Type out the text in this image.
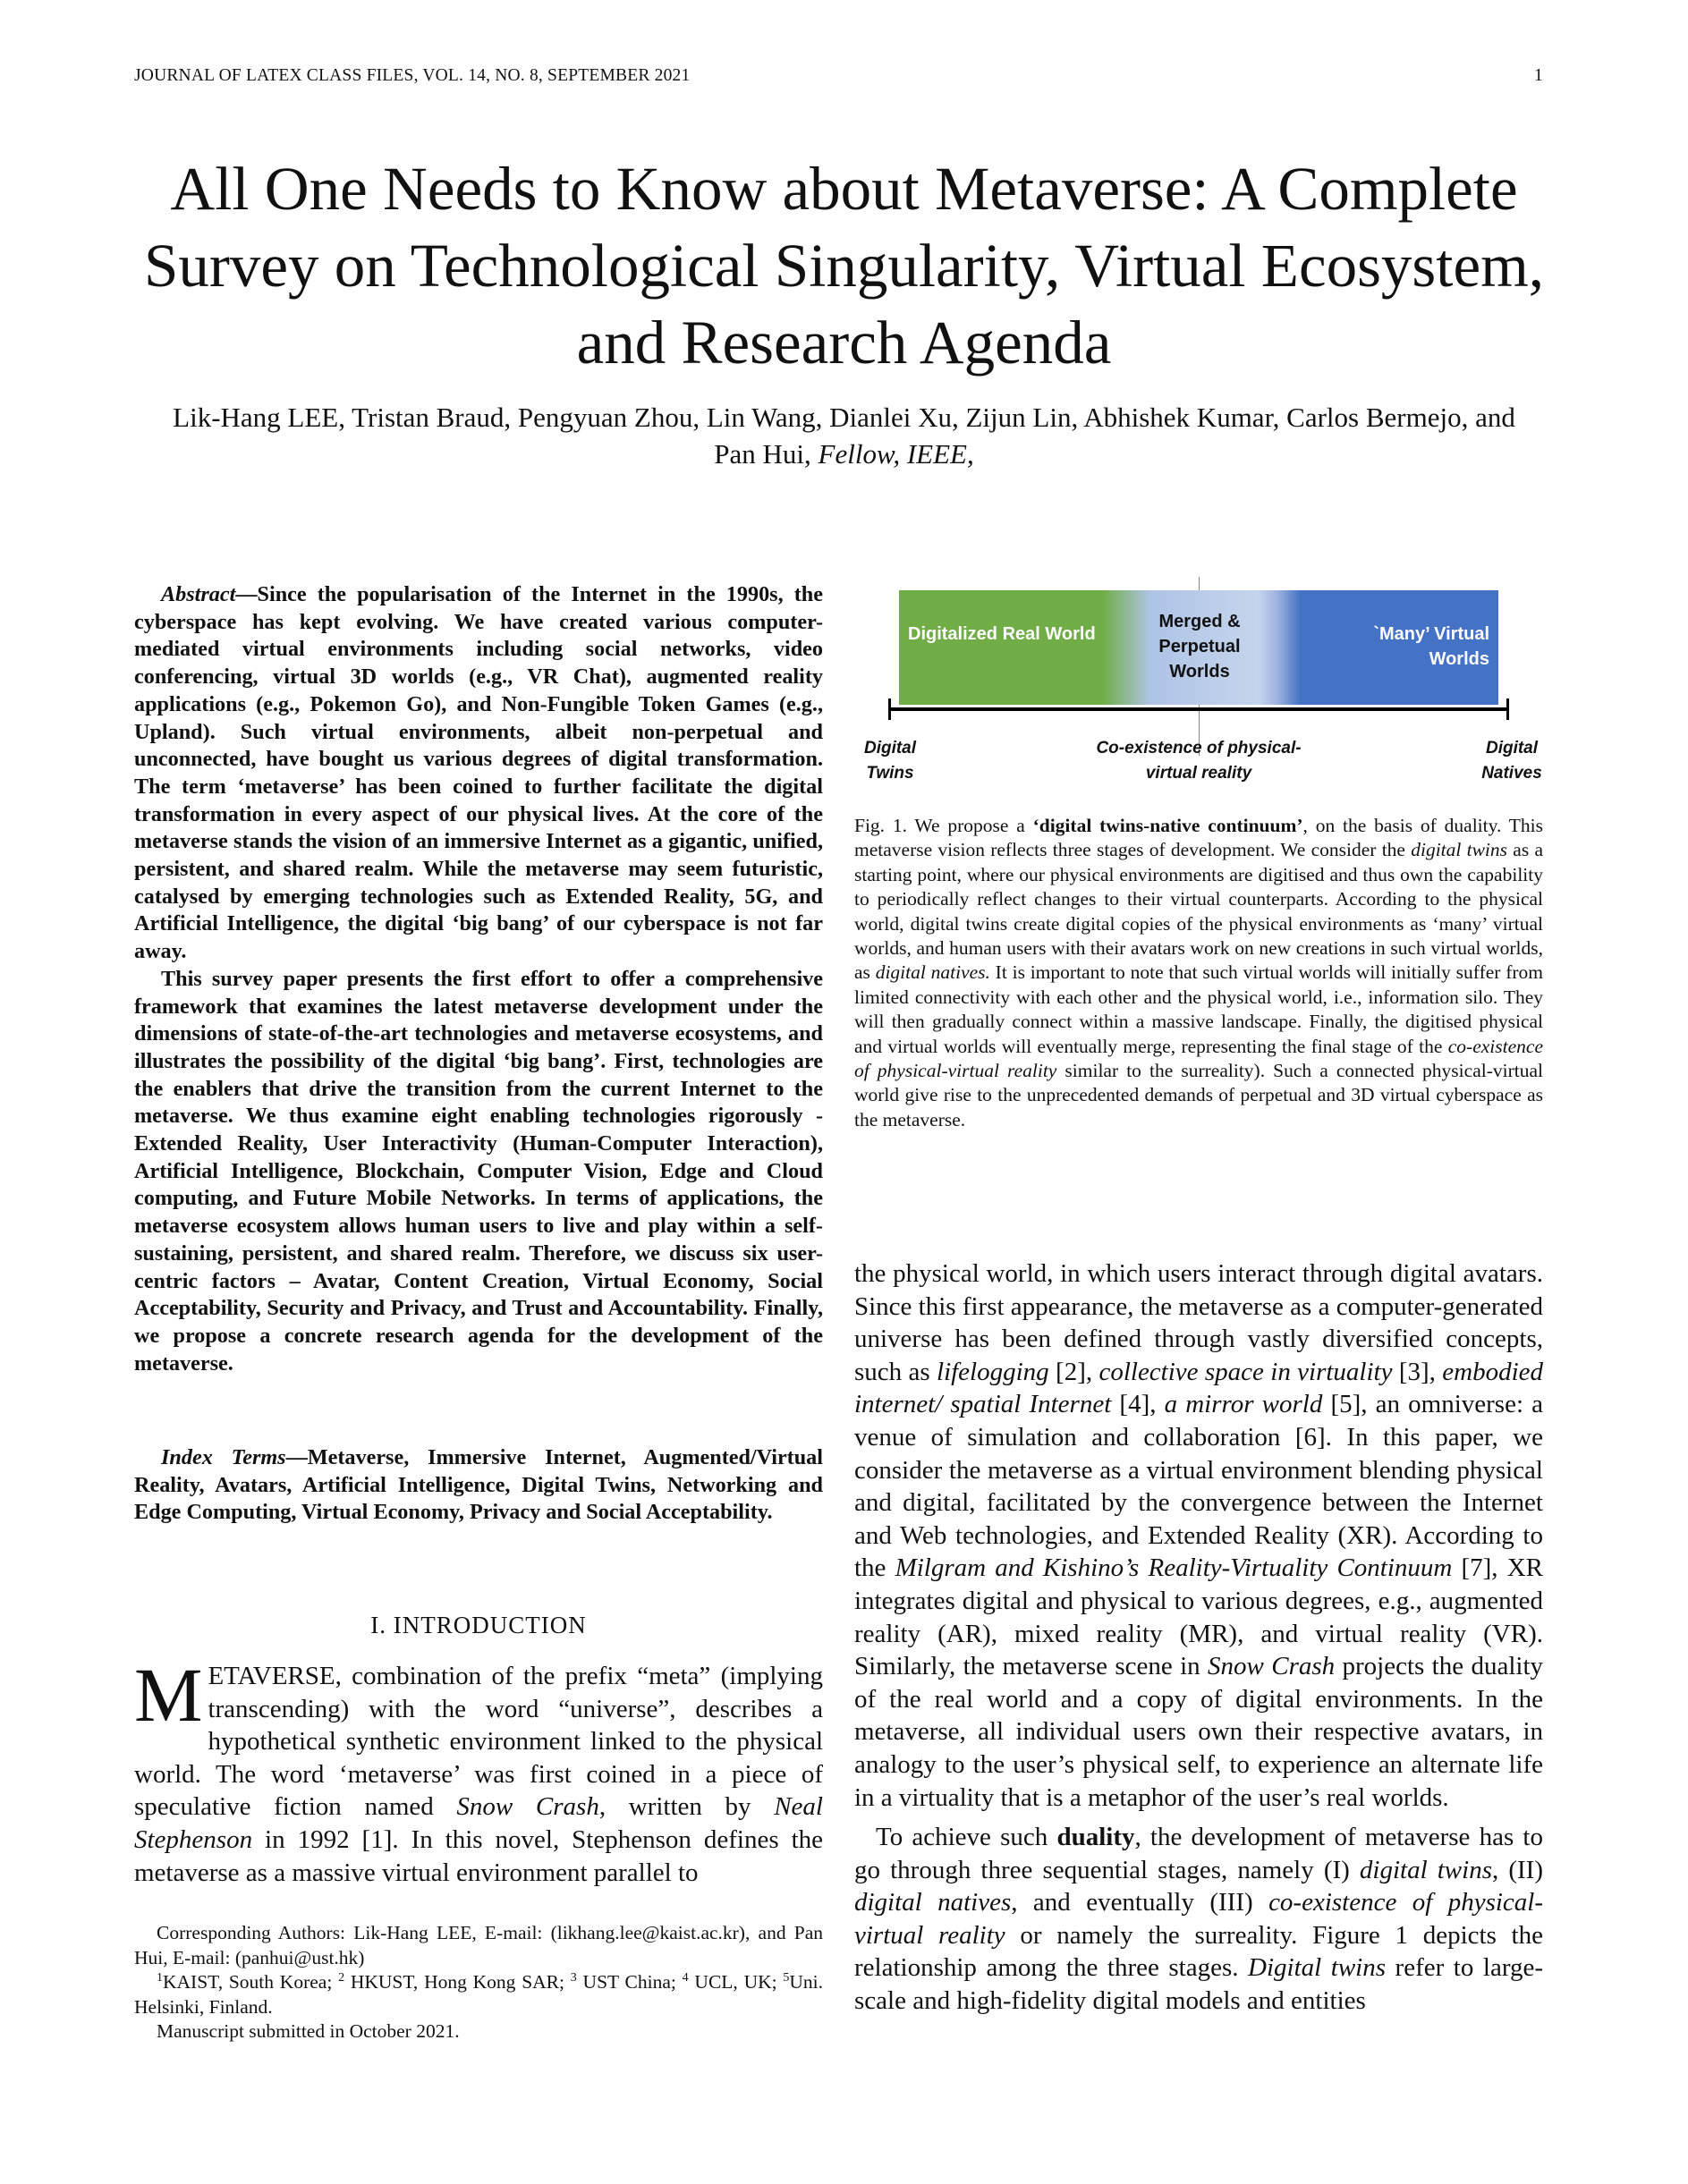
JOURNAL OF LATEX CLASS FILES, VOL. 14, NO. 8, SEPTEMBER 2021	1
All One Needs to Know about Metaverse: A Complete Survey on Technological Singularity, Virtual Ecosystem, and Research Agenda
Lik-Hang LEE, Tristan Braud, Pengyuan Zhou, Lin Wang, Dianlei Xu, Zijun Lin, Abhishek Kumar, Carlos Bermejo, and Pan Hui, Fellow, IEEE,

Abstract—Since the popularisation of the Internet in the 1990s, the cyberspace has kept evolving. We have created various computer-mediated virtual environments including social networks, video conferencing, virtual 3D worlds (e.g., VR Chat), augmented reality applications (e.g., Pokemon Go), and Non-Fungible Token Games (e.g., Upland). Such virtual environments, albeit non-perpetual and unconnected, have bought us various degrees of digital transformation. The term ‘metaverse’ has been coined to further facilitate the digital transformation in every aspect of our physical lives. At the core of the metaverse stands the vision of an immersive Internet as a gigantic, unified, persistent, and shared realm. While the metaverse may seem futuristic, catalysed by emerging technologies such as Extended Reality, 5G, and Artificial Intelligence, the digital ‘big bang’ of our cyberspace is not far away.

This survey paper presents the first effort to offer a comprehensive framework that examines the latest metaverse development under the dimensions of state-of-the-art technologies and metaverse ecosystems, and illustrates the possibility of the digital ‘big bang’. First, technologies are the enablers that drive the transition from the current Internet to the metaverse. We thus examine eight enabling technologies rigorously - Extended Reality, User Interactivity (Human-Computer Interaction), Artificial Intelligence, Blockchain, Computer Vision, Edge and Cloud computing, and Future Mobile Networks. In terms of applications, the metaverse ecosystem allows human users to live and play within a self-sustaining, persistent, and shared realm. Therefore, we discuss six user-centric factors – Avatar, Content Creation, Virtual Economy, Social Acceptability, Security and Privacy, and Trust and Accountability. Finally, we propose a concrete research agenda for the development of the metaverse.

Index Terms—Metaverse, Immersive Internet, Augmented/Virtual Reality, Avatars, Artificial Intelligence, Digital Twins, Networking and Edge Computing, Virtual Economy, Privacy and Social Acceptability.

I. INTRODUCTION

METAVERSE, combination of the prefix “meta” (implying transcending) with the word “universe”, describes a hypothetical synthetic environment linked to the physical world. The word ‘metaverse’ was first coined in a piece of speculative fiction named Snow Crash, written by Neal Stephenson in 1992 [1]. In this novel, Stephenson defines the metaverse as a massive virtual environment parallel to

Corresponding Authors: Lik-Hang LEE, E-mail: (likhang.lee@kaist.ac.kr), and Pan Hui, E-mail: (panhui@ust.hk)

$^1$KAIST, South Korea; $^2$ HKUST, Hong Kong SAR; $^3$ UST China; $^4$ UCL, UK; $^5$Uni. Helsinki, Finland.

Manuscript submitted in October 2021.

Digitalized Real World
Merged & Perpetual Worlds
`Many’ Virtual Worlds
Digital Twins
Co-existence of physical-virtual reality
Digital Natives

Fig. 1. We propose a ‘digital twins-native continuum’, on the basis of duality. This metaverse vision reflects three stages of development. We consider the digital twins as a starting point, where our physical environments are digitised and thus own the capability to periodically reflect changes to their virtual counterparts. According to the physical world, digital twins create digital copies of the physical environments as ‘many’ virtual worlds, and human users with their avatars work on new creations in such virtual worlds, as digital natives. It is important to note that such virtual worlds will initially suffer from limited connectivity with each other and the physical world, i.e., information silo. They will then gradually connect within a massive landscape. Finally, the digitised physical and virtual worlds will eventually merge, representing the final stage of the co-existence of physical-virtual reality similar to the surreality). Such a connected physical-virtual world give rise to the unprecedented demands of perpetual and 3D virtual cyberspace as the metaverse.

the physical world, in which users interact through digital avatars. Since this first appearance, the metaverse as a computer-generated universe has been defined through vastly diversified concepts, such as lifelogging [2], collective space in virtuality [3], embodied internet/ spatial Internet [4], a mirror world [5], an omniverse: a venue of simulation and collaboration [6]. In this paper, we consider the metaverse as a virtual environment blending physical and digital, facilitated by the convergence between the Internet and Web technologies, and Extended Reality (XR). According to the Milgram and Kishino’s Reality-Virtuality Continuum [7], XR integrates digital and physical to various degrees, e.g., augmented reality (AR), mixed reality (MR), and virtual reality (VR). Similarly, the metaverse scene in Snow Crash projects the duality of the real world and a copy of digital environments. In the metaverse, all individual users own their respective avatars, in analogy to the user’s physical self, to experience an alternate life in a virtuality that is a metaphor of the user’s real worlds.

To achieve such duality, the development of metaverse has to go through three sequential stages, namely (I) digital twins, (II) digital natives, and eventually (III) co-existence of physical-virtual reality or namely the surreality. Figure 1 depicts the relationship among the three stages. Digital twins refer to large-scale and high-fidelity digital models and entities
